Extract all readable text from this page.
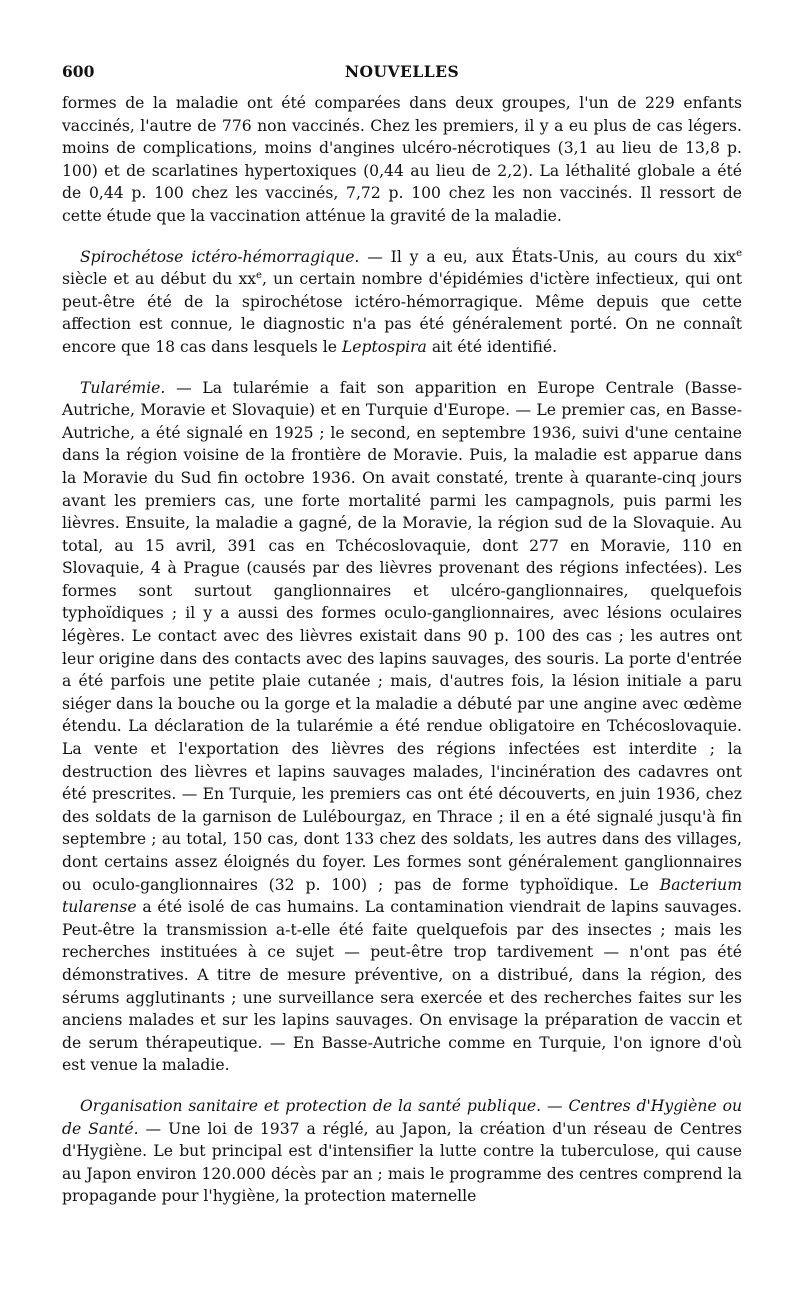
600	NOUVELLES

formes de la maladie ont été comparées dans deux groupes, l'un de 229 enfants vaccinés, l'autre de 776 non vaccinés. Chez les premiers, il y a eu plus de cas légers. moins de complications, moins d'angines ulcéro-nécrotiques (3,1 au lieu de 13,8 p. 100) et de scarlatines hypertoxiques (0,44 au lieu de 2,2). La léthalité globale a été de 0,44 p. 100 chez les vaccinés, 7,72 p. 100 chez les non vaccinés. Il ressort de cette étude que la vaccination atténue la gravité de la maladie.

Spirochétose ictéro-hémorragique. — Il y a eu, aux États-Unis, au cours du xix$^e$ siècle et au début du $xx^e$, un certain nombre d'épidémies d'ictère infectieux, qui ont peut-être été de la spirochétose ictéro-hémorragique. Même depuis que cette affection est connue, le diagnostic n'a pas été généralement porté. On ne connaît encore que 18 cas dans lesquels le Leptospira ait été identifié.

Tularémie. — La tularémie a fait son apparition en Europe Centrale (Basse-Autriche, Moravie et Slovaquie) et en Turquie d'Europe. — Le premier cas, en Basse-Autriche, a été signalé en 1925 ; le second, en septembre 1936, suivi d'une centaine dans la région voisine de la frontière de Moravie. Puis, la maladie est apparue dans la Moravie du Sud fin octobre 1936. On avait constaté, trente à quarante-cinq jours avant les premiers cas, une forte mortalité parmi les campagnols, puis parmi les lièvres. Ensuite, la maladie a gagné, de la Moravie, la région sud de la Slovaquie. Au total, au 15 avril, 391 cas en Tchécoslovaquie, dont 277 en Moravie, 110 en Slovaquie, 4 à Prague (causés par des lièvres provenant des régions infectées). Les formes sont surtout ganglionnaires et ulcéro-ganglionnaires, quelquefois typhoïdiques ; il y a aussi des formes oculo-ganglionnaires, avec lésions oculaires légères. Le contact avec des lièvres existait dans 90 p. 100 des cas ; les autres ont leur origine dans des contacts avec des lapins sauvages, des souris. La porte d'entrée a été parfois une petite plaie cutanée ; mais, d'autres fois, la lésion initiale a paru siéger dans la bouche ou la gorge et la maladie a débuté par une angine avec œdème étendu. La déclaration de la tularémie a été rendue obligatoire en Tchécoslovaquie. La vente et l'exportation des lièvres des régions infectées est interdite ; la destruction des lièvres et lapins sauvages malades, l'incinération des cadavres ont été prescrites. — En Turquie, les premiers cas ont été découverts, en juin 1936, chez des soldats de la garnison de Lulébourgaz, en Thrace ; il en a été signalé jusqu'à fin septembre ; au total, 150 cas, dont 133 chez des soldats, les autres dans des villages, dont certains assez éloignés du foyer. Les formes sont généralement ganglionnaires ou oculo-ganglionnaires (32 p. 100) ; pas de forme typhoïdique. Le Bacterium tularense a été isolé de cas humains. La contamination viendrait de lapins sauvages. Peut-être la transmission a-t-elle été faite quelquefois par des insectes ; mais les recherches instituées à ce sujet — peut-être trop tardivement — n'ont pas été démonstratives. A titre de mesure préventive, on a distribué, dans la région, des sérums agglutinants ; une surveillance sera exercée et des recherches faites sur les anciens malades et sur les lapins sauvages. On envisage la préparation de vaccin et de serum thérapeutique. — En Basse-Autriche comme en Turquie, l'on ignore d'où est venue la maladie.

Organisation sanitaire et protection de la santé publique. — Centres d'Hygiène ou de Santé. — Une loi de 1937 a réglé, au Japon, la création d'un réseau de Centres d'Hygiène. Le but principal est d'intensifier la lutte contre la tuberculose, qui cause au Japon environ 120.000 décès par an ; mais le programme des centres comprend la propagande pour l'hygiène, la protection maternelle
